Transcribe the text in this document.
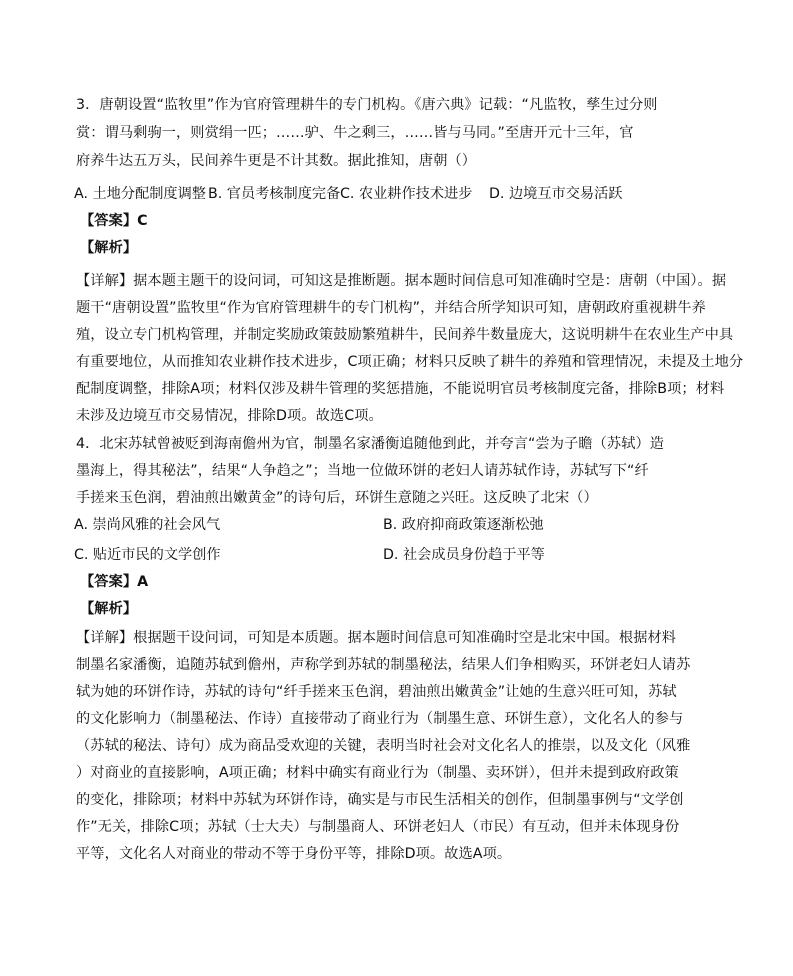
3．唐朝设置“监牧里”作为官府管理耕牛的专门机构。《唐六典》记载：“凡监牧，孳生过分则
赏：谓马剩驹一，则赏绢一匹；……驴、牛之剩三，……皆与马同。”至唐开元十三年，官
府养牛达五万头，民间养牛更是不计其数。据此推知，唐朝（）
A. 土地分配制度调整 B. 官员考核制度完备 C. 农业耕作技术进步 D. 边境互市交易活跃
【答案】C
【解析】
【详解】据本题主题干的设问词，可知这是推断题。据本题时间信息可知准确时空是：唐朝（中国）。据
题干“唐朝设置”监牧里“作为官府管理耕牛的专门机构”，并结合所学知识可知，唐朝政府重视耕牛养
殖，设立专门机构管理，并制定奖励政策鼓励繁殖耕牛，民间养牛数量庞大，这说明耕牛在农业生产中具
有重要地位，从而推知农业耕作技术进步，C项正确；材料只反映了耕牛的养殖和管理情况，未提及土地分
配制度调整，排除A项；材料仅涉及耕牛管理的奖惩措施，不能说明官员考核制度完备，排除B项；材料
未涉及边境互市交易情况，排除D项。故选C项。
4．北宋苏轼曾被贬到海南儋州为官，制墨名家潘衡追随他到此，并夸言“尝为子瞻（苏轼）造
墨海上，得其秘法”，结果“人争趋之”；当地一位做环饼的老妇人请苏轼作诗，苏轼写下“纤
手搓来玉色润，碧油煎出嫩黄金”的诗句后，环饼生意随之兴旺。这反映了北宋（）
A. 崇尚风雅的社会风气	B. 政府抑商政策逐渐松弛
C. 贴近市民的文学创作	D. 社会成员身份趋于平等
【答案】A
【解析】
【详解】根据题干设问词，可知是本质题。据本题时间信息可知准确时空是北宋中国。根据材料
制墨名家潘衡，追随苏轼到儋州，声称学到苏轼的制墨秘法，结果人们争相购买，环饼老妇人请苏
轼为她的环饼作诗，苏轼的诗句“纤手搓来玉色润，碧油煎出嫩黄金”让她的生意兴旺可知，苏轼
的文化影响力（制墨秘法、作诗）直接带动了商业行为（制墨生意、环饼生意），文化名人的参与
（苏轼的秘法、诗句）成为商品受欢迎的关键，表明当时社会对文化名人的推崇，以及文化（风雅
）对商业的直接影响，A项正确；材料中确实有商业行为（制墨、卖环饼），但并未提到政府政策
的变化，排除项；材料中苏轼为环饼作诗，确实是与市民生活相关的创作，但制墨事例与“文学创
作”无关，排除C项；苏轼（士大夫）与制墨商人、环饼老妇人（市民）有互动，但并未体现身份
平等，文化名人对商业的带动不等于身份平等，排除D项。故选A项。
